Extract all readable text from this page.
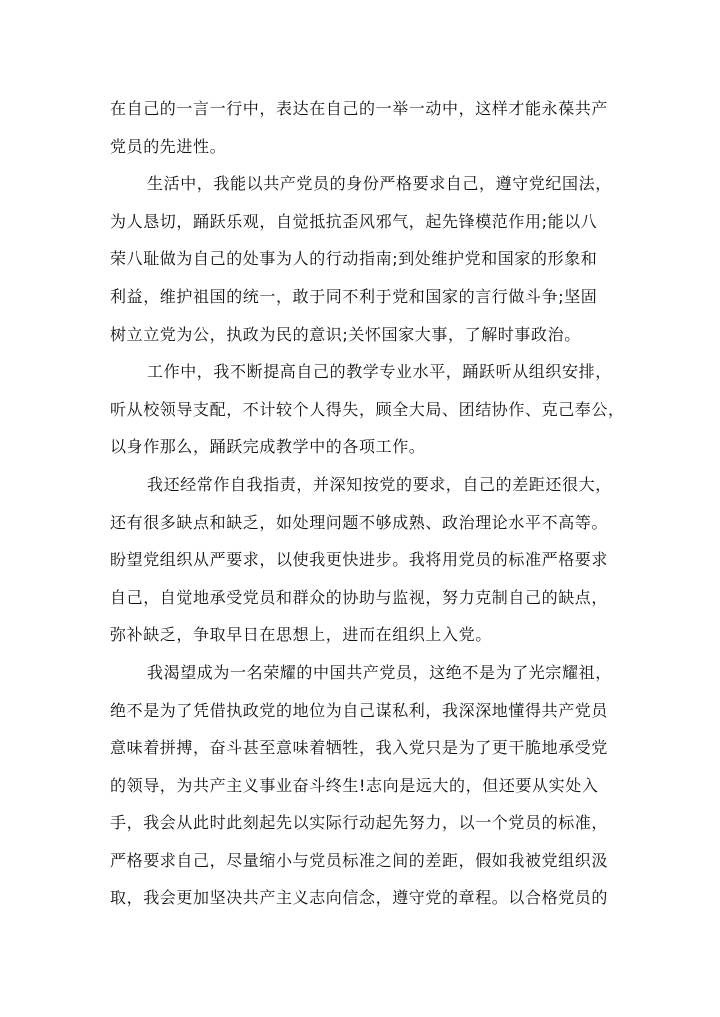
在自己的一言一行中，表达在自己的一举一动中，这样才能永葆共产
党员的先进性。
生活中，我能以共产党员的身份严格要求自己，遵守党纪国法，
为人恳切，踊跃乐观，自觉抵抗歪风邪气，起先锋模范作用;能以八
荣八耻做为自己的处事为人的行动指南;到处维护党和国家的形象和
利益，维护祖国的统一，敢于同不利于党和国家的言行做斗争;坚固
树立立党为公，执政为民的意识;关怀国家大事，了解时事政治。
工作中，我不断提高自己的教学专业水平，踊跃听从组织安排，
听从校领导支配，不计较个人得失，顾全大局、团结协作、克己奉公，
以身作那么，踊跃完成教学中的各项工作。
我还经常作自我指责，并深知按党的要求，自己的差距还很大，
还有很多缺点和缺乏，如处理问题不够成熟、政治理论水平不高等。
盼望党组织从严要求，以使我更快进步。我将用党员的标准严格要求
自己，自觉地承受党员和群众的协助与监视，努力克制自己的缺点，
弥补缺乏，争取早日在思想上，进而在组织上入党。
我渴望成为一名荣耀的中国共产党员，这绝不是为了光宗耀祖，
绝不是为了凭借执政党的地位为自己谋私利，我深深地懂得共产党员
意味着拼搏，奋斗甚至意味着牺牲，我入党只是为了更干脆地承受党
的领导，为共产主义事业奋斗终生!志向是远大的，但还要从实处入
手，我会从此时此刻起先以实际行动起先努力，以一个党员的标准，
严格要求自己，尽量缩小与党员标准之间的差距，假如我被党组织汲
取，我会更加坚决共产主义志向信念，遵守党的章程。以合格党员的
